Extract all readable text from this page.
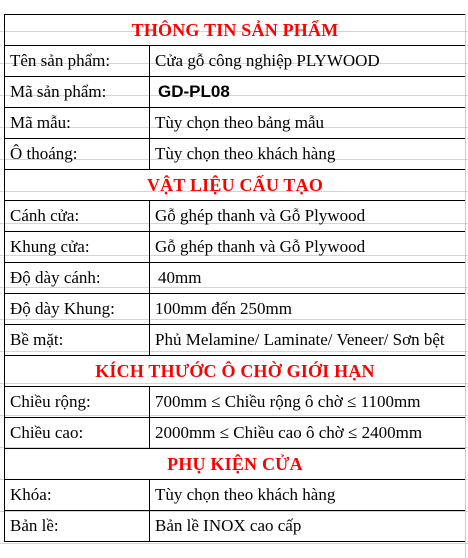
THÔNG TIN SẢN PHẨM	
Tên sản phẩm:	Cửa gỗ công nghiệp PLYWOOD
Mã sản phẩm:	GD-PL08
Mã mẫu:	Tùy chọn theo bảng mẫu
Ô thoáng:	Tùy chọn theo khách hàng
VẬT LIỆU CẤU TẠO	
Cánh cửa:	Gỗ ghép thanh và Gỗ Plywood
Khung cửa:	Gỗ ghép thanh và Gỗ Plywood
Độ dày cánh:	40mm
Độ dày Khung:	100mm đến 250mm
Bề mặt:	Phủ Melamine/ Laminate/ Veneer/ Sơn bệt
KÍCH THƯỚC Ô CHỜ GIỚI HẠN	
Chiều rộng:	700mm ≤ Chiều rộng ô chờ ≤ 1100mm
Chiều cao:	2000mm ≤ Chiều cao ô chờ ≤ 2400mm
PHỤ KIỆN CỬA	
Khóa:	Tùy chọn theo khách hàng
Bản lề:	Bản lề INOX cao cấp
